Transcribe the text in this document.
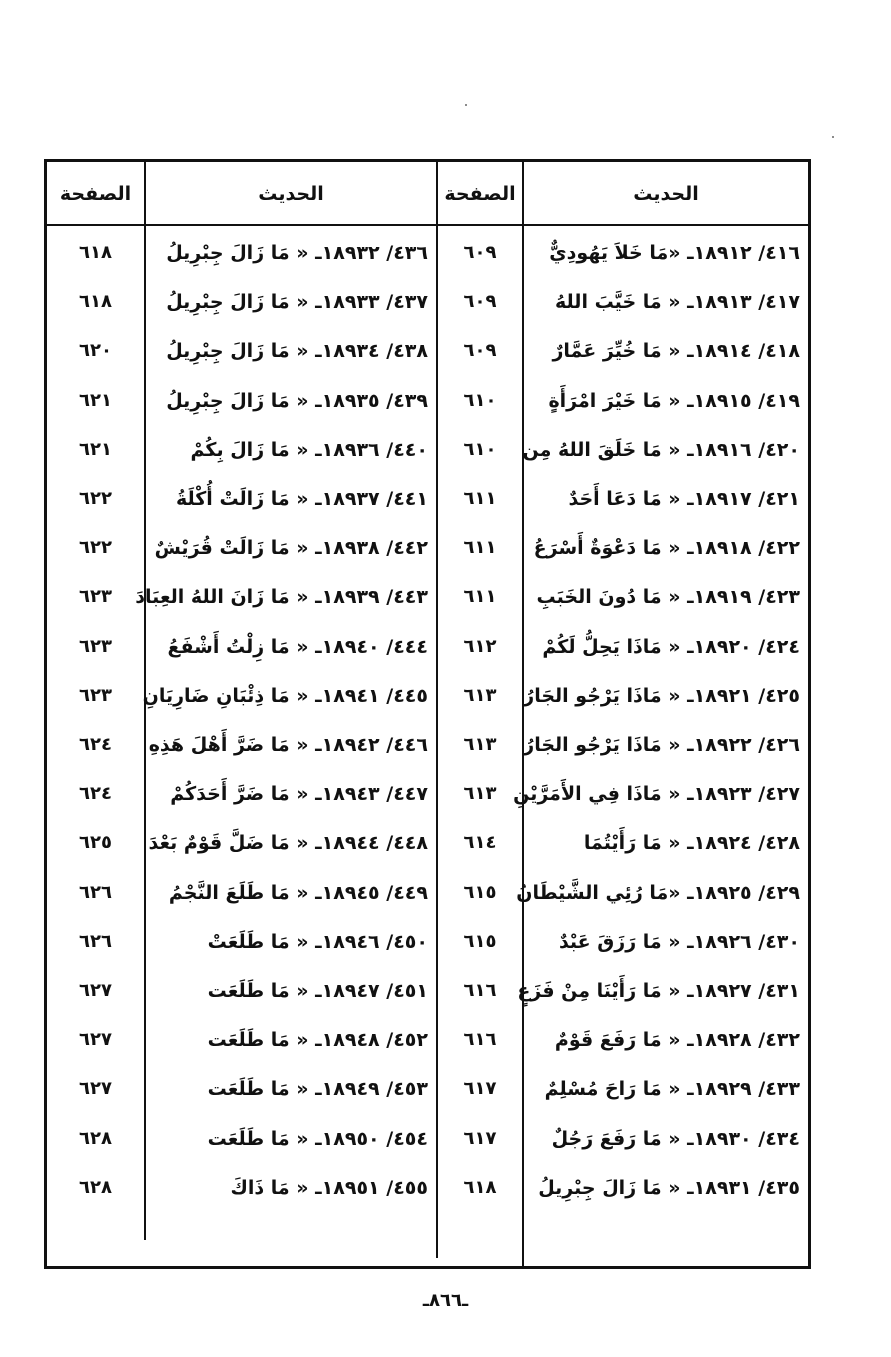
الحديث
الصفحة
الحديث
الصفحة
٤١٦/ ١٨٩١٢ـ «مَا خَلاَ يَهُودِيٌّ
٦٠٩
٤١٧/ ١٨٩١٣ـ « مَا خَيَّبَ اللهُ
٦٠٩
٤١٨/ ١٨٩١٤ـ « مَا خُيِّرَ عَمَّارٌ
٦٠٩
٤١٩/ ١٨٩١٥ـ « مَا خَيْرَ امْرَأَةٍ
٦١٠
٤٢٠/ ١٨٩١٦ـ « مَا خَلَقَ اللهُ مِن
٦١٠
٤٢١/ ١٨٩١٧ـ « مَا دَعَا أَحَدٌ
٦١١
٤٢٢/ ١٨٩١٨ـ « مَا دَعْوَةٌ أَسْرَعُ
٦١١
٤٢٣/ ١٨٩١٩ـ « مَا دُونَ الخَبَبِ
٦١١
٤٢٤/ ١٨٩٢٠ـ « مَاذَا يَحِلُّ لَكُمْ
٦١٢
٤٢٥/ ١٨٩٢١ـ « مَاذَا يَرْجُو الجَارُ
٦١٣
٤٢٦/ ١٨٩٢٢ـ « مَاذَا يَرْجُو الجَارُ
٦١٣
٤٢٧/ ١٨٩٢٣ـ « مَاذَا فِي الأَمَرَّيْنِ
٦١٣
٤٢٨/ ١٨٩٢٤ـ « مَا رَأَيْتُمَا
٦١٤
٤٢٩/ ١٨٩٢٥ـ «مَا رُئِي الشَّيْطَانُ
٦١٥
٤٣٠/ ١٨٩٢٦ـ « مَا رَزَقَ عَبْدٌ
٦١٥
٤٣١/ ١٨٩٢٧ـ « مَا رَأَيْنَا مِنْ فَزَعٍ
٦١٦
٤٣٢/ ١٨٩٢٨ـ « مَا رَفَعَ قَوْمٌ
٦١٦
٤٣٣/ ١٨٩٢٩ـ « مَا رَاحَ مُسْلِمٌ
٦١٧
٤٣٤/ ١٨٩٣٠ـ « مَا رَفَعَ رَجُلٌ
٦١٧
٤٣٥/ ١٨٩٣١ـ « مَا زَالَ جِبْرِيلُ
٦١٨
٤٣٦/ ١٨٩٣٢ـ « مَا زَالَ جِبْرِيلُ
٦١٨
٤٣٧/ ١٨٩٣٣ـ « مَا زَالَ جِبْرِيلُ
٦١٨
٤٣٨/ ١٨٩٣٤ـ « مَا زَالَ جِبْرِيلُ
٦٢٠
٤٣٩/ ١٨٩٣٥ـ « مَا زَالَ جِبْرِيلُ
٦٢١
٤٤٠/ ١٨٩٣٦ـ « مَا زَالَ بِكُمْ
٦٢١
٤٤١/ ١٨٩٣٧ـ « مَا زَالَتْ أُكْلَةُ
٦٢٢
٤٤٢/ ١٨٩٣٨ـ « مَا زَالَتْ قُرَيْشٌ
٦٢٢
٤٤٣/ ١٨٩٣٩ـ « مَا زَانَ اللهُ العِبَادَ
٦٢٣
٤٤٤/ ١٨٩٤٠ـ « مَا زِلْتُ أَشْفَعُ
٦٢٣
٤٤٥/ ١٨٩٤١ـ « مَا ذِئْبَانِ ضَارِيَانِ
٦٢٣
٤٤٦/ ١٨٩٤٢ـ « مَا ضَرَّ أَهْلَ هَذِهِ
٦٢٤
٤٤٧/ ١٨٩٤٣ـ « مَا ضَرَّ أَحَدَكُمْ
٦٢٤
٤٤٨/ ١٨٩٤٤ـ « مَا ضَلَّ قَوْمٌ بَعْدَ
٦٢٥
٤٤٩/ ١٨٩٤٥ـ « مَا طَلَعَ النَّجْمُ
٦٢٦
٤٥٠/ ١٨٩٤٦ـ « مَا طَلَعَتْ
٦٢٦
٤٥١/ ١٨٩٤٧ـ « مَا طَلَعَت
٦٢٧
٤٥٢/ ١٨٩٤٨ـ « مَا طَلَعَت
٦٢٧
٤٥٣/ ١٨٩٤٩ـ « مَا طَلَعَت
٦٢٧
٤٥٤/ ١٨٩٥٠ـ « مَا طَلَعَت
٦٢٨
٤٥٥/ ١٨٩٥١ـ « مَا ذَاكَ
٦٢٨
ـ٨٦٦ـ
